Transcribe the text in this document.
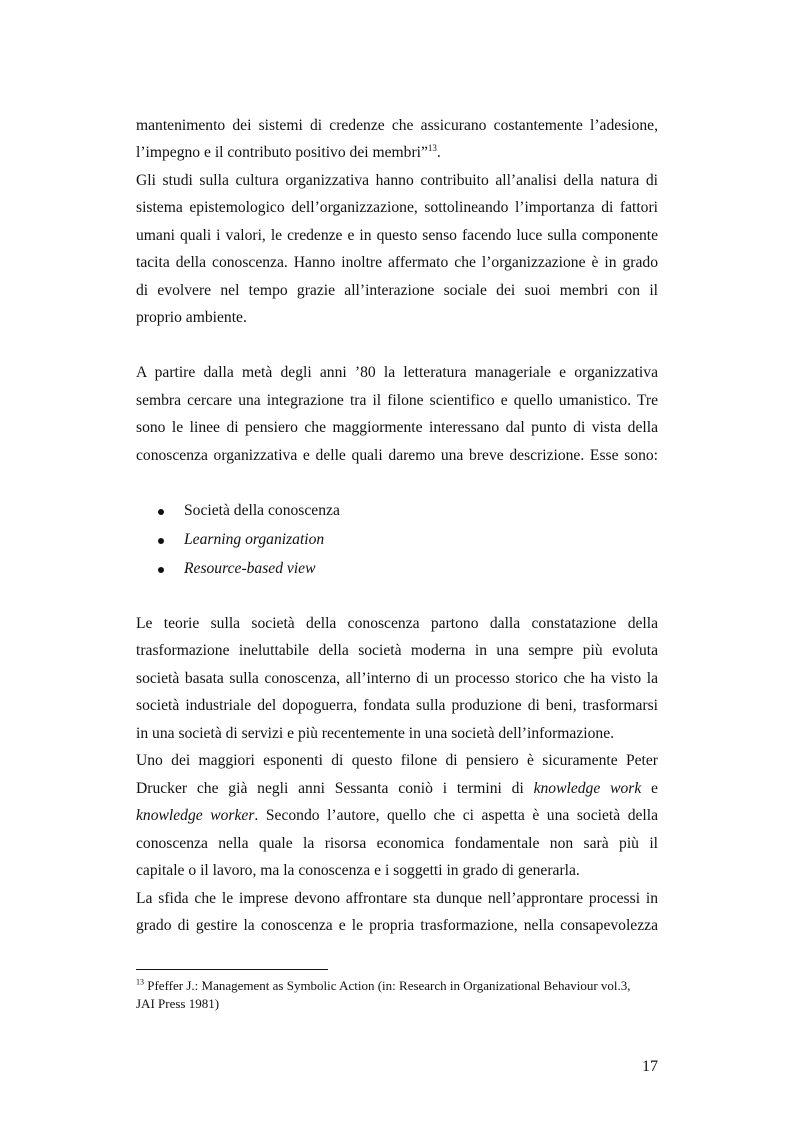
mantenimento dei sistemi di credenze che assicurano costantemente l’adesione,
l’impegno e il contributo positivo dei membri”$^{13}$.
Gli studi sulla cultura organizzativa hanno contribuito all’analisi della natura di
sistema epistemologico dell’organizzazione, sottolineando l’importanza di fattori
umani quali i valori, le credenze e in questo senso facendo luce sulla componente
tacita della conoscenza. Hanno inoltre affermato che l’organizzazione è in grado
di evolvere nel tempo grazie all’interazione sociale dei suoi membri con il
proprio ambiente.
A partire dalla metà degli anni ’80 la letteratura manageriale e organizzativa
sembra cercare una integrazione tra il filone scientifico e quello umanistico. Tre
sono le linee di pensiero che maggiormente interessano dal punto di vista della
conoscenza organizzativa e delle quali daremo una breve descrizione. Esse sono:
Società della conoscenza
Learning organization
Resource-based view
Le teorie sulla società della conoscenza partono dalla constatazione della
trasformazione ineluttabile della società moderna in una sempre più evoluta
società basata sulla conoscenza, all’interno di un processo storico che ha visto la
società industriale del dopoguerra, fondata sulla produzione di beni, trasformarsi
in una società di servizi e più recentemente in una società dell’informazione.
Uno dei maggiori esponenti di questo filone di pensiero è sicuramente Peter
Drucker che già negli anni Sessanta coniò i termini di knowledge work e
knowledge worker. Secondo l’autore, quello che ci aspetta è una società della
conoscenza nella quale la risorsa economica fondamentale non sarà più il
capitale o il lavoro, ma la conoscenza e i soggetti in grado di generarla.
La sfida che le imprese devono affrontare sta dunque nell’approntare processi in
grado di gestire la conoscenza e le propria trasformazione, nella consapevolezza
$^{13}$ Pfeffer J.: Management as Symbolic Action (in: Research in Organizational Behaviour vol.3,
JAI Press 1981)
17
